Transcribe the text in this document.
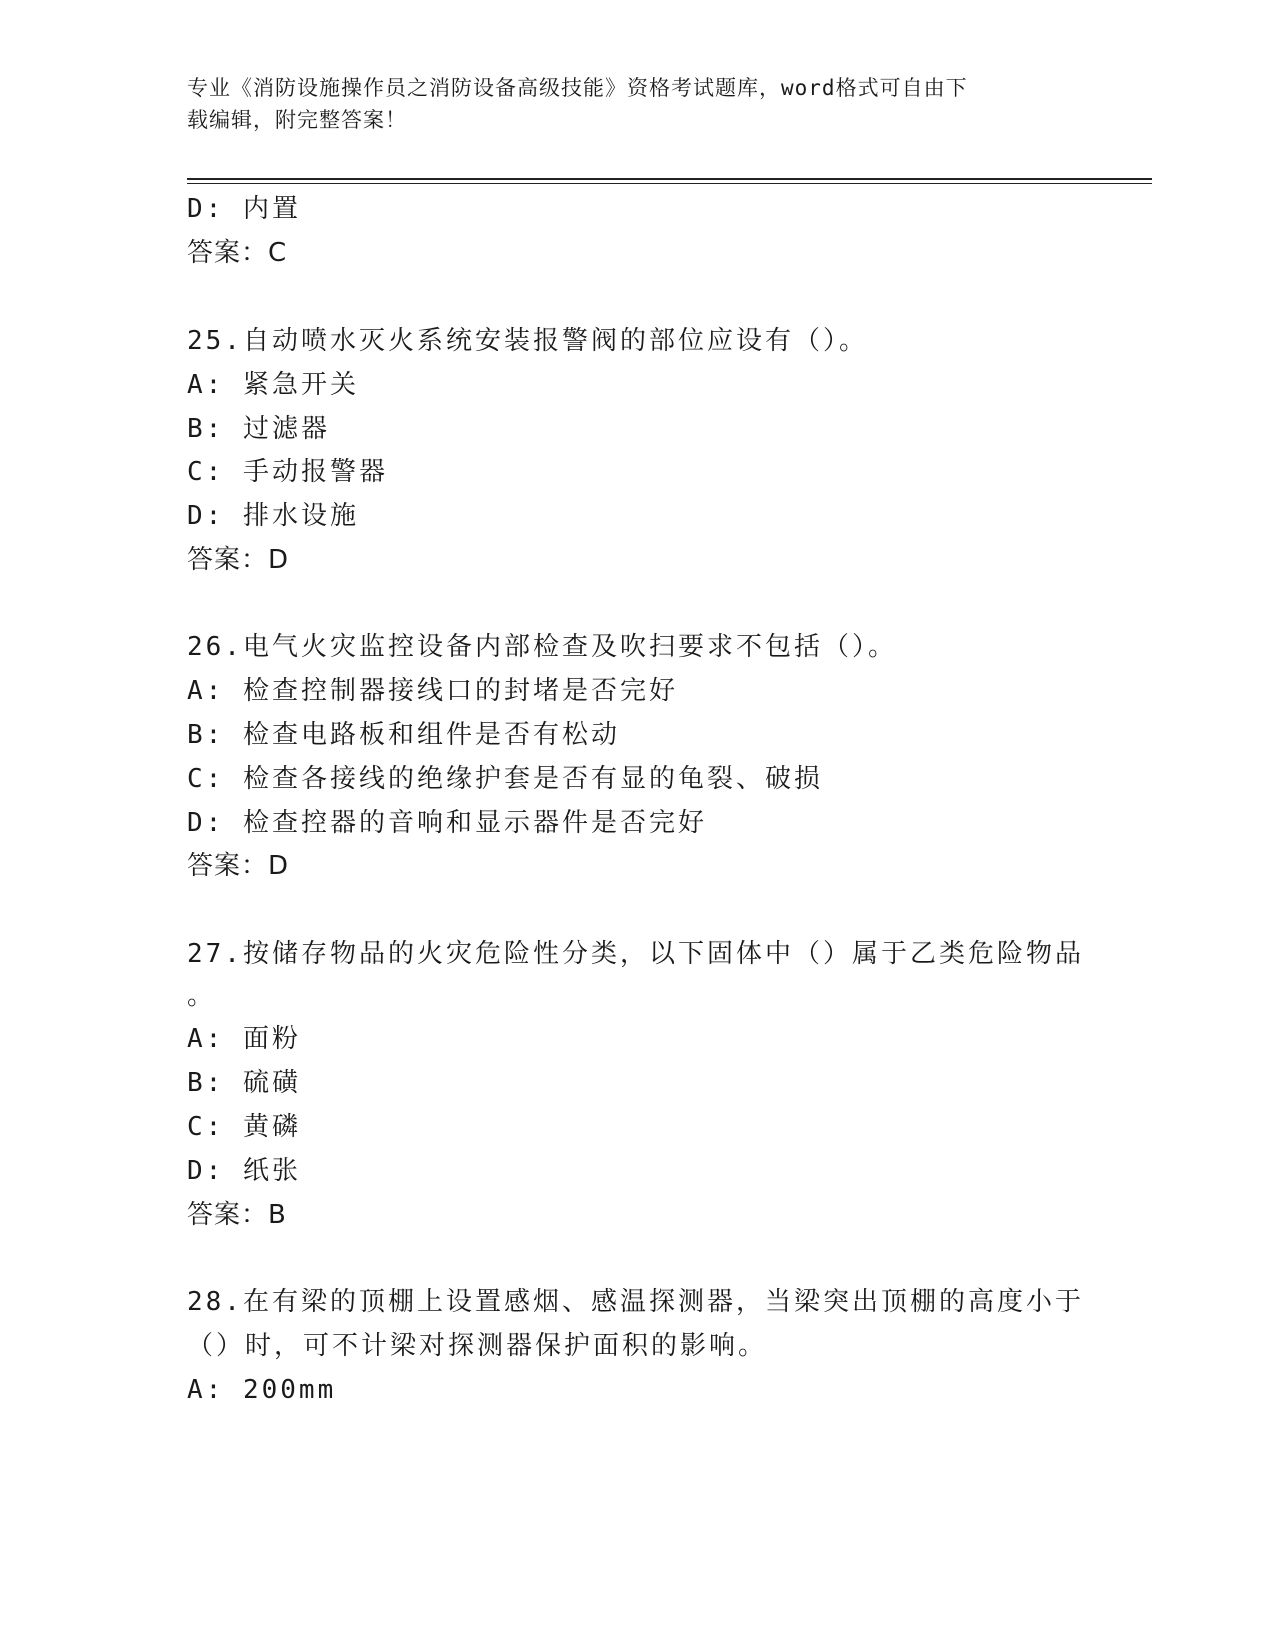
专业《消防设施操作员之消防设备高级技能》资格考试题库，word格式可自由下
载编辑，附完整答案！
D: 内置
答案：C
25.自动喷水灭火系统安装报警阀的部位应设有（）。
A: 紧急开关
B: 过滤器
C: 手动报警器
D: 排水设施
答案：D
26.电气火灾监控设备内部检查及吹扫要求不包括（）。
A: 检查控制器接线口的封堵是否完好
B: 检查电路板和组件是否有松动
C: 检查各接线的绝缘护套是否有显的龟裂、破损
D: 检查控器的音响和显示器件是否完好
答案：D
27.按储存物品的火灾危险性分类，以下固体中（）属于乙类危险物品
。
A: 面粉
B: 硫磺
C: 黄磷
D: 纸张
答案：B
28.在有梁的顶棚上设置感烟、感温探测器，当梁突出顶棚的高度小于
（）时，可不计梁对探测器保护面积的影响。
A: 200mm
